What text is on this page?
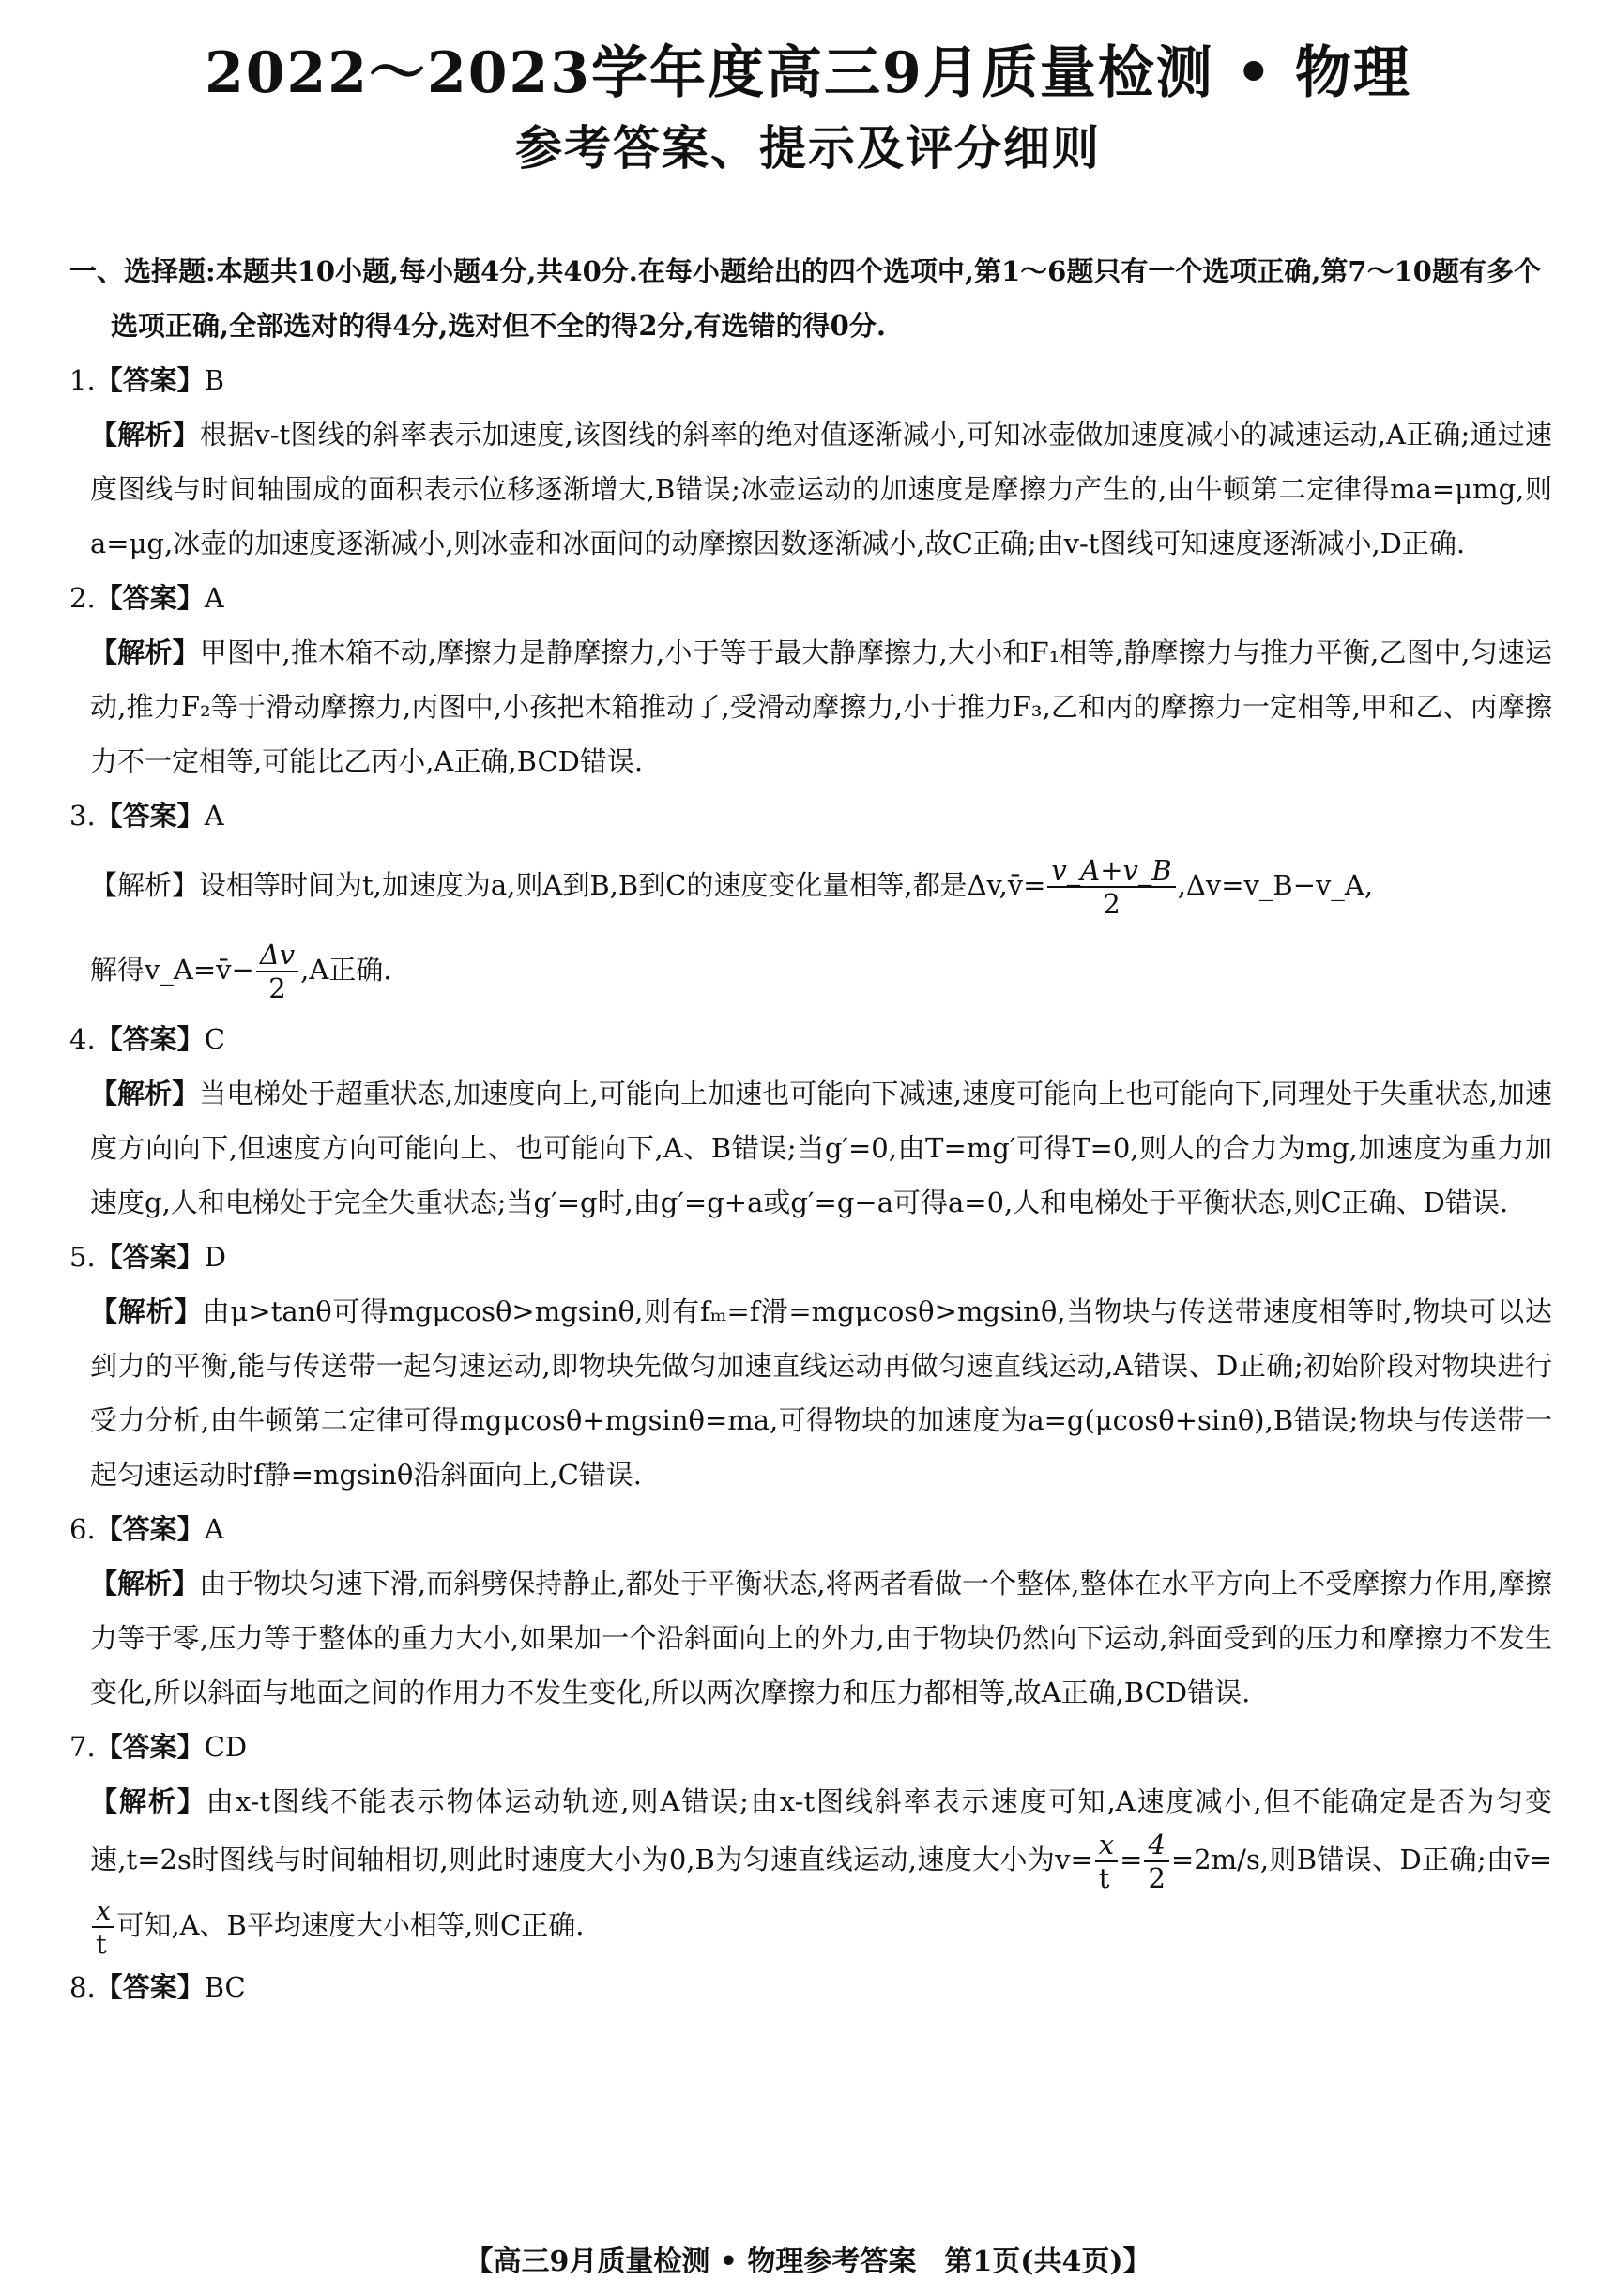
2022～2023学年度高三9月质量检测 • 物理
参考答案、提示及评分细则

一、选择题:本题共10小题,每小题4分,共40分.在每小题给出的四个选项中,第1～6题只有一个选项正确,第7～10题有多个选项正确,全部选对的得4分,选对但不全的得2分,有选错的得0分.

1.【答案】B

【解析】根据v-t图线的斜率表示加速度,该图线的斜率的绝对值逐渐减小,可知冰壶做加速度减小的减速运动,A正确;通过速度图线与时间轴围成的面积表示位移逐渐增大,B错误;冰壶运动的加速度是摩擦力产生的,由牛顿第二定律得ma=μmg,则a=μg,冰壶的加速度逐渐减小,则冰壶和冰面间的动摩擦因数逐渐减小,故C正确;由v-t图线可知速度逐渐减小,D正确.

2.【答案】A

【解析】甲图中,推木箱不动,摩擦力是静摩擦力,小于等于最大静摩擦力,大小和F₁相等,静摩擦力与推力平衡,乙图中,匀速运动,推力F₂等于滑动摩擦力,丙图中,小孩把木箱推动了,受滑动摩擦力,小于推力F₃,乙和丙的摩擦力一定相等,甲和乙、丙摩擦力不一定相等,可能比乙丙小,A正确,BCD错误.

3.【答案】A

【解析】设相等时间为t,加速度为a,则A到B,B到C的速度变化量相等,都是Δv,v̄= $\frac{v\_A+v\_B}{2}$ ,Δv=v_B−v_A,
解得v_A=v̄− $\frac{\Delta v}{2} ,A$正确.

4.【答案】C

【解析】当电梯处于超重状态,加速度向上,可能向上加速也可能向下减速,速度可能向上也可能向下,同理处于失重状态,加速度方向向下,但速度方向可能向上、也可能向下,A、B错误;当g′=0,由T=mg′可得T=0,则人的合力为mg,加速度为重力加速度g,人和电梯处于完全失重状态;当g′=g时,由g′=g+a或g′=g−a可得a=0,人和电梯处于平衡状态,则C正确、D错误.

5.【答案】D

【解析】由μ>tanθ可得mgμcosθ>mgsinθ,则有fₘ=f滑=mgμcosθ>mgsinθ,当物块与传送带速度相等时,物块可以达到力的平衡,能与传送带一起匀速运动,即物块先做匀加速直线运动再做匀速直线运动,A错误、D正确;初始阶段对物块进行受力分析,由牛顿第二定律可得mgμcosθ+mgsinθ=ma,可得物块的加速度为a=g(μcosθ+sinθ),B错误;物块与传送带一起匀速运动时f静=mgsinθ沿斜面向上,C错误.

6.【答案】A

【解析】由于物块匀速下滑,而斜劈保持静止,都处于平衡状态,将两者看做一个整体,整体在水平方向上不受摩擦力作用,摩擦力等于零,压力等于整体的重力大小,如果加一个沿斜面向上的外力,由于物块仍然向下运动,斜面受到的压力和摩擦力不发生变化,所以斜面与地面之间的作用力不发生变化,所以两次摩擦力和压力都相等,故A正确,BCD错误.

7.【答案】CD

【解析】由x-t图线不能表示物体运动轨迹,则A错误;由x-t图线斜率表示速度可知,A速度减小,但不能确定是否为匀变速,t=2s时图线与时间轴相切,则此时速度大小为0,B为匀速直线运动,速度大小为$v= \frac{x}{t} = \frac{4}{2} =2m/s$,则B错误、D正确;由v̄=
$\frac{x}{t}$ 可知,A、B平均速度大小相等,则C正确.

8.【答案】BC

【高三9月质量检测 • 物理参考答案　第1页(共4页)】
